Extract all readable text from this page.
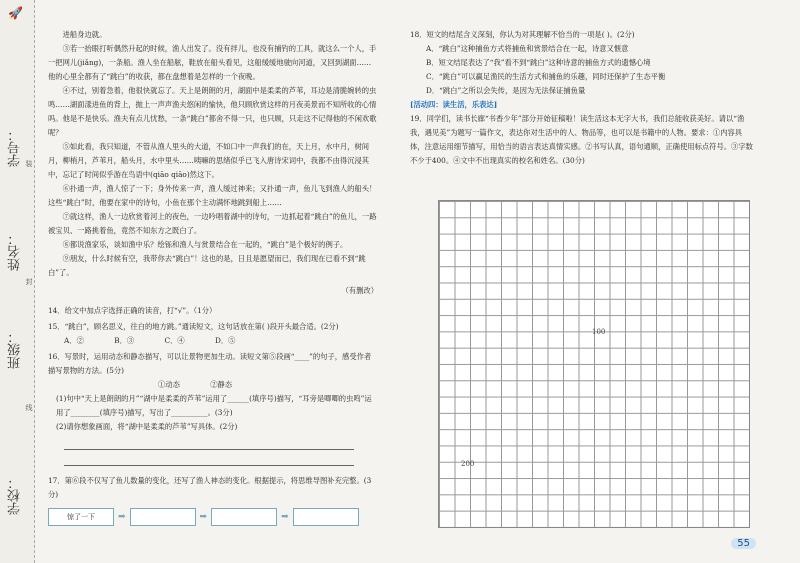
🚀
学号：
姓名：
班级：
学校：
装
封
线

进船身边就。

③若一抬眼打听偶然升起的时候，渔人出发了。没有拌儿，也没有捕钓的工具，就这么一个人，手一把网儿(jiǎng)，一条船。渔人坐在船舷，鞋放在船头看见，这船缓缓地驶向河道，又回到湖面……他的心里全都有了“跳白”的收获，都在盘想着是怎样的一个夜晚。

④不过，别着急着，他很快就忘了。天上是朗朗的月，湖面中是柔柔的芦苇，耳边是清脆婉转的虫鸣……湖面漾进鱼的背上，抛上一声声渔夫悠闲的愉快，他只顾欣赏这样的月夜美景而不知所收的心情吗。他是不是快乐。渔夫有点儿忧愁，一条“跳白”都舍不得一只，也只顾，只走这不记得他的不闲欢歌呢？

⑤如此看，我只知道，不管从渔人里头的大道，不如口中一声我们的在，天上月，水中月，树间月，柳梢月，芦苇月，船头月，水中里头……咦嘛的思绪似乎已飞入唐诗宋词中，我都不由得沉浸其中，忘记了时间似乎游在鸟语中(qiāo qiāo)然这下。

⑥扑通一声，渔人惊了一下；身外传来一声，渔人缓过神来；又扑通一声，鱼儿飞到渔人的船头！这些“跳白”时，他要在家中的诗句，小鱼在那个主动满怀地跳到船上……

⑦就这样，渔人一边欣赏着河上的夜色，一边吟唱着湖中的诗句，一边抓起着“跳白”的鱼儿，一路被宝贝、一路挑着鱼，竟然不知东方之既白了。

⑧都说渔家乐，谈如渔中乐？绘铄和渔人与赏景结合在一起的，“跳白”是个极好的例子。

⑨朋友，什么时候有空，我带你去“跳白”！这也的是，日且是愿望而已，我们现在已看不到“跳白”了。

（有删改）

14．给文中加点字选择正确的读音，打“√”。（1分）

15．“跳白”，顾名思义，往白的地方跳。”通读短文，这句话放在第( )段开头最合适。(2分)

A．②	B．③	C．④	D．⑤

16．写景时，运用动态和静态描写，可以让景物更加生动。读短文第⑤段画“____”的句子，感受作者描写景物的方法。(5分)

①动态	②静态

(1)句中“天上是朗朗的月”“湖中是柔柔的芦苇”运用了______(填序号)描写，“耳旁是唧唧的虫鸣”运用了________(填序号)描写，写出了__________。(3分)

(2)请你想象画面，将“湖中是柔柔的芦苇”写具体。(2分)

17．第⑥段不仅写了鱼儿数量的变化，还写了渔人神态的变化。根据提示，将思维导图补充完整。(3分)

惊了一下	➡	➡	➡

18．短文的结尾含义深刻，你认为对其理解不恰当的一项是( )。(2分)

A．“跳白”这种捕鱼方式将捕鱼和赏景结合在一起，诗意又惬意

B．短文结尾表达了“我”看不到“跳白”这种诗意的捕鱼方式的遗憾心境

C．“跳白”可以赢足渔民的生活方式和捕鱼的乐趣，同时还保护了生态平衡

D．“跳白”之所以会失传，是因为无法保证捕鱼量

[活动四：读生活，乐表达]

19．同学们，读书长廊“书香少年”部分开始征稿啦！读生活这本无字大书，我们总能收获美好。请以“渔我，遇见美”为题写一篇作文，表达你对生活中的人、物品等，也可以是书籍中的人物。要求：①内容具体，注意运用细节描写，用恰当的语言表达真情实感。②书写认真，语句通顺，正确使用标点符号。③字数不少于400。④文中不出现真实的校名和姓名。(30分)

100
200
55
